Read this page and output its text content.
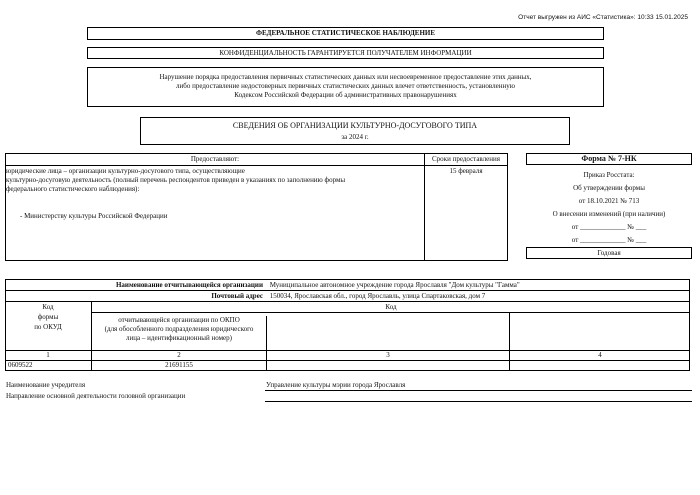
Отчет выгружен из АИС «Статистика»: 10:33 15.01.2025
ФЕДЕРАЛЬНОЕ СТАТИСТИЧЕСКОЕ НАБЛЮДЕНИЕ
КОНФИДЕНЦИАЛЬНОСТЬ ГАРАНТИРУЕТСЯ ПОЛУЧАТЕЛЕМ ИНФОРМАЦИИ
Нарушение порядка предоставления первичных статистических данных или несвоевременное предоставление этих данных,
либо предоставление недостоверных первичных статистических данных влечет ответственность, установленную
Кодексом Российской Федерации об административных правонарушениях
СВЕДЕНИЯ ОБ ОРГАНИЗАЦИИ КУЛЬТУРНО-ДОСУГОВОГО ТИПА
за 2024 г.
Предоставляют:
юридические лица – организации культурно-досугового типа, осуществляющие
культурно-досуговую деятельность (полный перечень респондентов приведен в указаниях по заполнению формы
федерального статистического наблюдения):
- Министерству культуры Российской Федерации
Сроки предоставления
15 февраля
Форма № 7-НК
Приказ Росстата:
Об утверждении формы
от 18.10.2021 № 713
О внесении изменений (при наличии)
от _____________ № ___
от _____________ № ___
Годовая
Наименование отчитывающейся организации Муниципальное автономное учреждение города Ярославля "Дом культуры "Гамма"
Почтовый адрес 150034, Ярославская обл., город Ярославль, улица Спартаковская, дом 7
Код
формы
по ОКУД
Код
отчитывающейся организации по ОКПО
(для обособленного подразделения юридического
лица – идентификационный номер)
1	2	3	4
0609522	21691155
Наименование учредителя	Управление культуры мэрии города Ярославля
Направление основной деятельности головной организации
